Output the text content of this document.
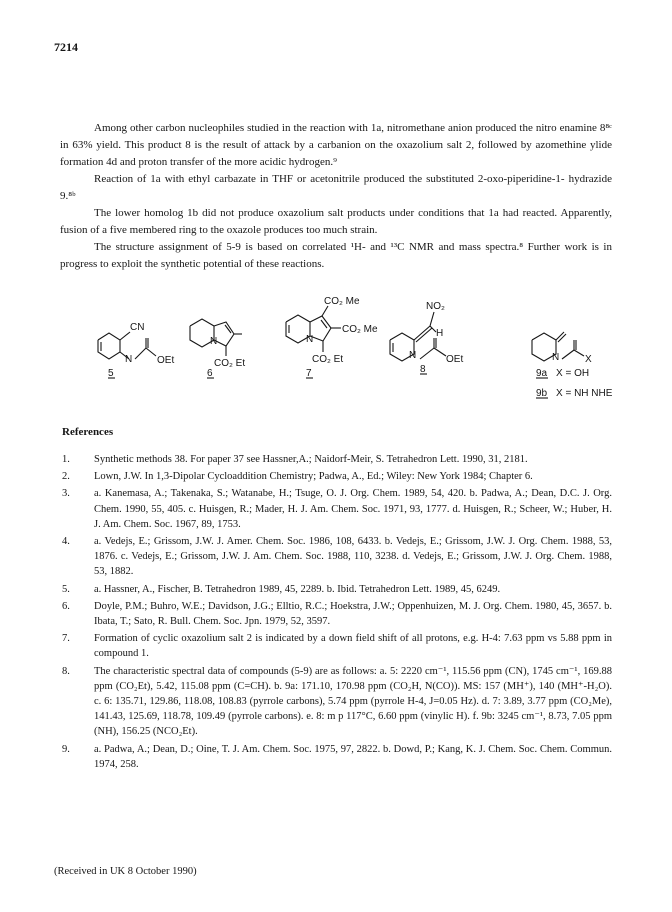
7214

Among other carbon nucleophiles studied in the reaction with 1a, nitromethane anion produced the nitro enamine 8⁸ᶜ in 63% yield. This product 8 is the result of attack by a carbanion on the oxazolium salt 2, followed by azomethine ylide formation 4d and proton transfer of the more acidic hydrogen.⁹

Reaction of 1a with ethyl carbazate in THF or acetonitrile produced the substituted 2-oxo-piperidine-1- hydrazide 9.⁸ᵇ

The lower homolog 1b did not produce oxazolium salt products under conditions that 1a had reacted. Apparently, fusion of a five membered ring to the oxazole produces too much strain.

The structure assignment of 5-9 is based on correlated ¹H- and ¹³C NMR and mass spectra.⁸ Further work is in progress to exploit the synthetic potential of these reactions.

CN
N OEt
5
N
CO₂ Et
6
CO₂ Me
CO₂ Me
N
CO₂ Et
7
NO₂
H
N	OEt
8
N	X
9a X = OH
9b X = NH NHE
References
1.	Synthetic methods 38. For paper 37 see Hassner,A.; Naidorf-Meir, S. Tetrahedron Lett. 1990, 31, 2181.
2.	Lown, J.W. In 1,3-Dipolar Cycloaddition Chemistry; Padwa, A., Ed.; Wiley: New York 1984; Chapter 6.
3.	a. Kanemasa, A.; Takenaka, S.; Watanabe, H.; Tsuge, O. J. Org. Chem. 1989, 54, 420. b. Padwa, A.; Dean, D.C. J. Org. Chem. 1990, 55, 405. c. Huisgen, R.; Mader, H. J. Am. Chem. Soc. 1971, 93, 1777. d. Huisgen, R.; Scheer, W.; Huber, H. J. Am. Chem. Soc. 1967, 89, 1753.
4.	a. Vedejs, E.; Grissom, J.W. J. Amer. Chem. Soc. 1986, 108, 6433. b. Vedejs, E.; Grissom, J.W. J. Org. Chem. 1988, 53, 1876. c. Vedejs, E.; Grissom, J.W. J. Am. Chem. Soc. 1988, 110, 3238. d. Vedejs, E.; Grissom, J.W. J. Org. Chem. 1988, 53, 1882.
5.	a. Hassner, A., Fischer, B. Tetrahedron 1989, 45, 2289. b. Ibid. Tetrahedron Lett. 1989, 45, 6249.
6.	Doyle, P.M.; Buhro, W.E.; Davidson, J.G.; Elltio, R.C.; Hoekstra, J.W.; Oppenhuizen, M. J. Org. Chem. 1980, 45, 3657. b. Ibata, T.; Sato, R. Bull. Chem. Soc. Jpn. 1979, 52, 3597.
7.	Formation of cyclic oxazolium salt 2 is indicated by a down field shift of all protons, e.g. H-4: 7.63 ppm vs 5.88 ppm in compound 1.
8.	The characteristic spectral data of compounds (5-9) are as follows: a. 5: 2220 cm⁻¹, 115.56 ppm (CN), 1745 cm⁻¹, 169.88 ppm (CO₂Et), 5.42, 115.08 ppm (C=CH). b. 9a: 171.10, 170.98 ppm (CO₂H, N(CO)). MS: 157 (MH⁺), 140 (MH⁺-H₂O). c. 6: 135.71, 129.86, 118.08, 108.83 (pyrrole carbons), 5.74 ppm (pyrrole H-4, J=0.05 Hz). d. 7: 3.89, 3.77 ppm (CO₂Me), 141.43, 125.69, 118.78, 109.49 (pyrrole carbons). e. 8: m p 117°C, 6.60 ppm (vinylic H). f. 9b: 3245 cm⁻¹, 8.73, 7.05 ppm (NH), 156.25 (NCO₂Et).
9.	a. Padwa, A.; Dean, D.; Oine, T. J. Am. Chem. Soc. 1975, 97, 2822. b. Dowd, P.; Kang, K. J. Chem. Soc. Chem. Commun. 1974, 258.
(Received in UK 8 October 1990)
